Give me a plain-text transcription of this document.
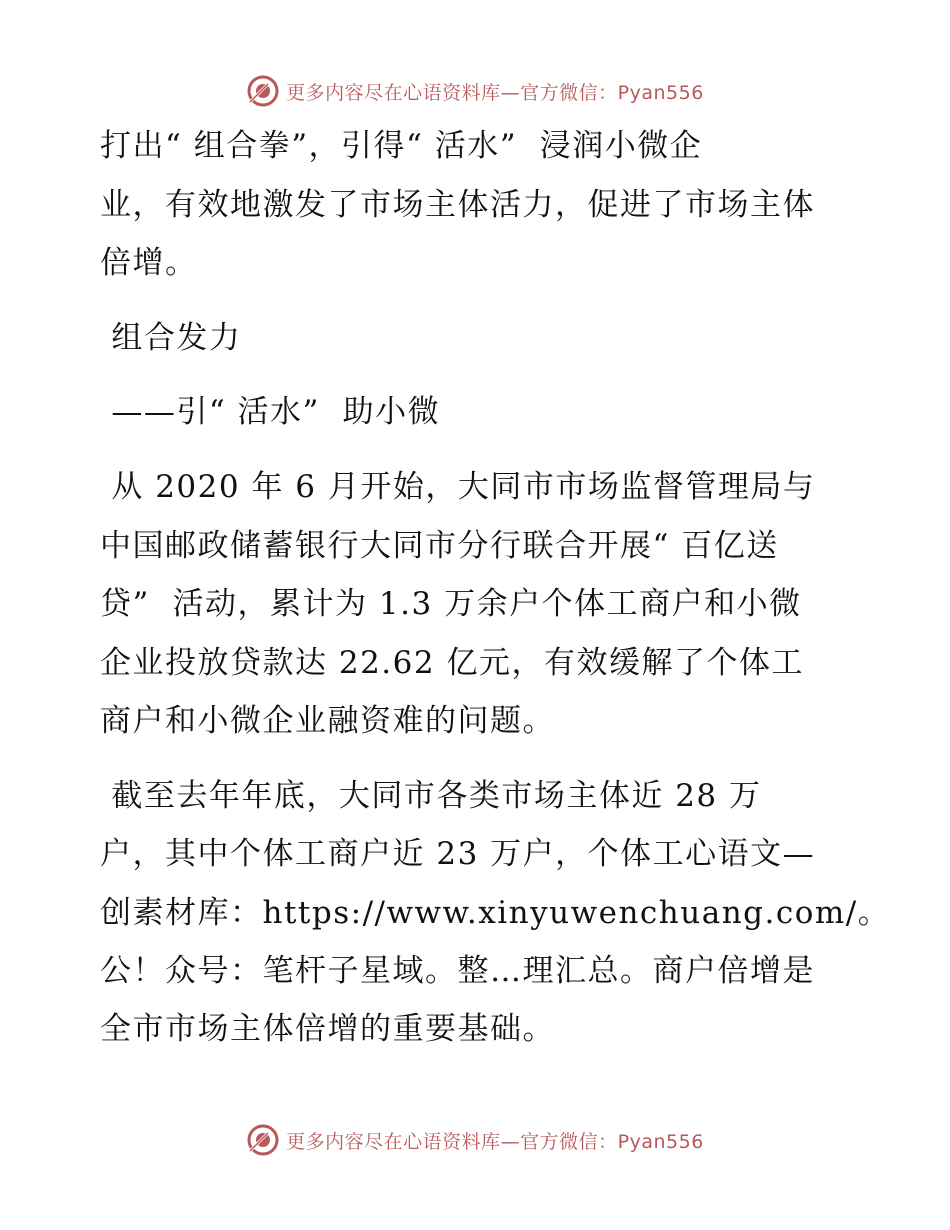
更多内容尽在心语资料库—官方微信：Pyan556
打出“ 组合拳”，引得“ 活水”  浸润小微企
业，有效地激发了市场主体活力，促进了市场主体
倍增。
组合发力
——引“ 活水”  助小微
从 2020 年 6 月开始，大同市市场监督管理局与
中国邮政储蓄银行大同市分行联合开展“ 百亿送
贷”  活动，累计为 1.3 万余户个体工商户和小微
企业投放贷款达 22.62 亿元，有效缓解了个体工
商户和小微企业融资难的问题。
截至去年年底，大同市各类市场主体近 28 万
户，其中个体工商户近 23 万户，个体工心语文—
创素材库：https://www.xinyuwenchuang.com/。
公！众号：笔杆子星域。整…理汇总。商户倍增是
全市市场主体倍增的重要基础。
更多内容尽在心语资料库—官方微信：Pyan556
